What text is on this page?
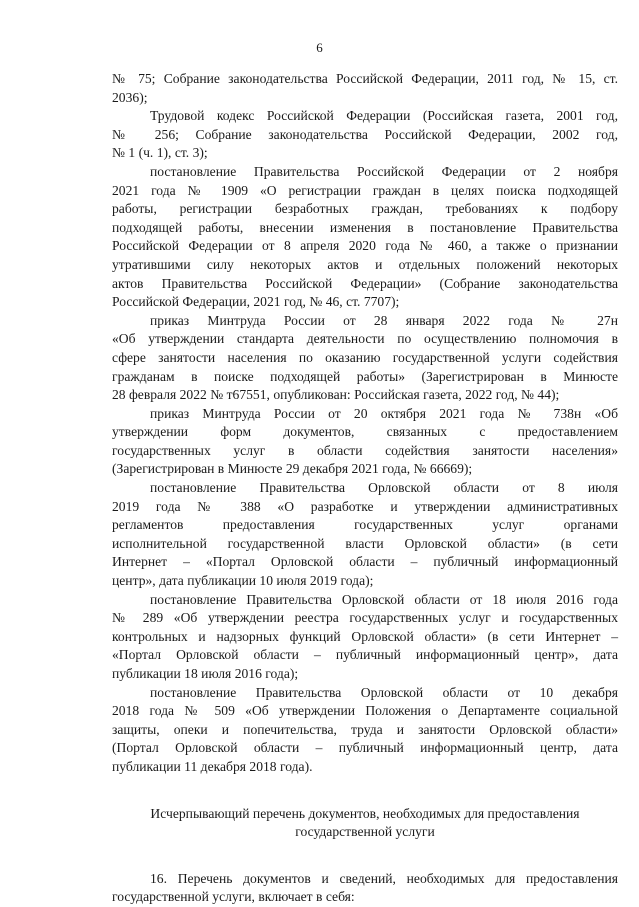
6
№ 75; Собрание законодательства Российской Федерации, 2011 год, № 15, ст.
2036);
Трудовой кодекс Российской Федерации (Российская газета, 2001 год,
№ 256; Собрание законодательства Российской Федерации, 2002 год,
№ 1 (ч. 1), ст. 3);
постановление Правительства Российской Федерации от 2 ноября
2021 года № 1909 «О регистрации граждан в целях поиска подходящей
работы, регистрации безработных граждан, требованиях к подбору
подходящей работы, внесении изменения в постановление Правительства
Российской Федерации от 8 апреля 2020 года № 460, а также о признании
утратившими силу некоторых актов и отдельных положений некоторых
актов Правительства Российской Федерации» (Собрание законодательства
Российской Федерации, 2021 год, № 46, ст. 7707);
приказ Минтруда России от 28 января 2022 года № 27н
«Об утверждении стандарта деятельности по осуществлению полномочия в
сфере занятости населения по оказанию государственной услуги содействия
гражданам в поиске подходящей работы» (Зарегистрирован в Минюсте
28 февраля 2022 № т67551, опубликован: Российская газета, 2022 год, № 44);
приказ Минтруда России от 20 октября 2021 года № 738н «Об
утверждении форм документов, связанных с предоставлением
государственных услуг в области содействия занятости населения»
(Зарегистрирован в Минюсте 29 декабря 2021 года, № 66669);
постановление Правительства Орловской области от 8 июля
2019 года № 388 «О разработке и утверждении административных
регламентов предоставления государственных услуг органами
исполнительной государственной власти Орловской области» (в сети
Интернет – «Портал Орловской области – публичный информационный
центр», дата публикации 10 июля 2019 года);
постановление Правительства Орловской области от 18 июля 2016 года
№ 289 «Об утверждении реестра государственных услуг и государственных
контрольных и надзорных функций Орловской области» (в сети Интернет –
«Портал Орловской области – публичный информационный центр», дата
публикации 18 июля 2016 года);
постановление Правительства Орловской области от 10 декабря
2018 года № 509 «Об утверждении Положения о Департаменте социальной
защиты, опеки и попечительства, труда и занятости Орловской области»
(Портал Орловской области – публичный информационный центр, дата
публикации 11 декабря 2018 года).
Исчерпывающий перечень документов, необходимых для предоставления
государственной услуги
16. Перечень документов и сведений, необходимых для предоставления
государственной услуги, включает в себя:
